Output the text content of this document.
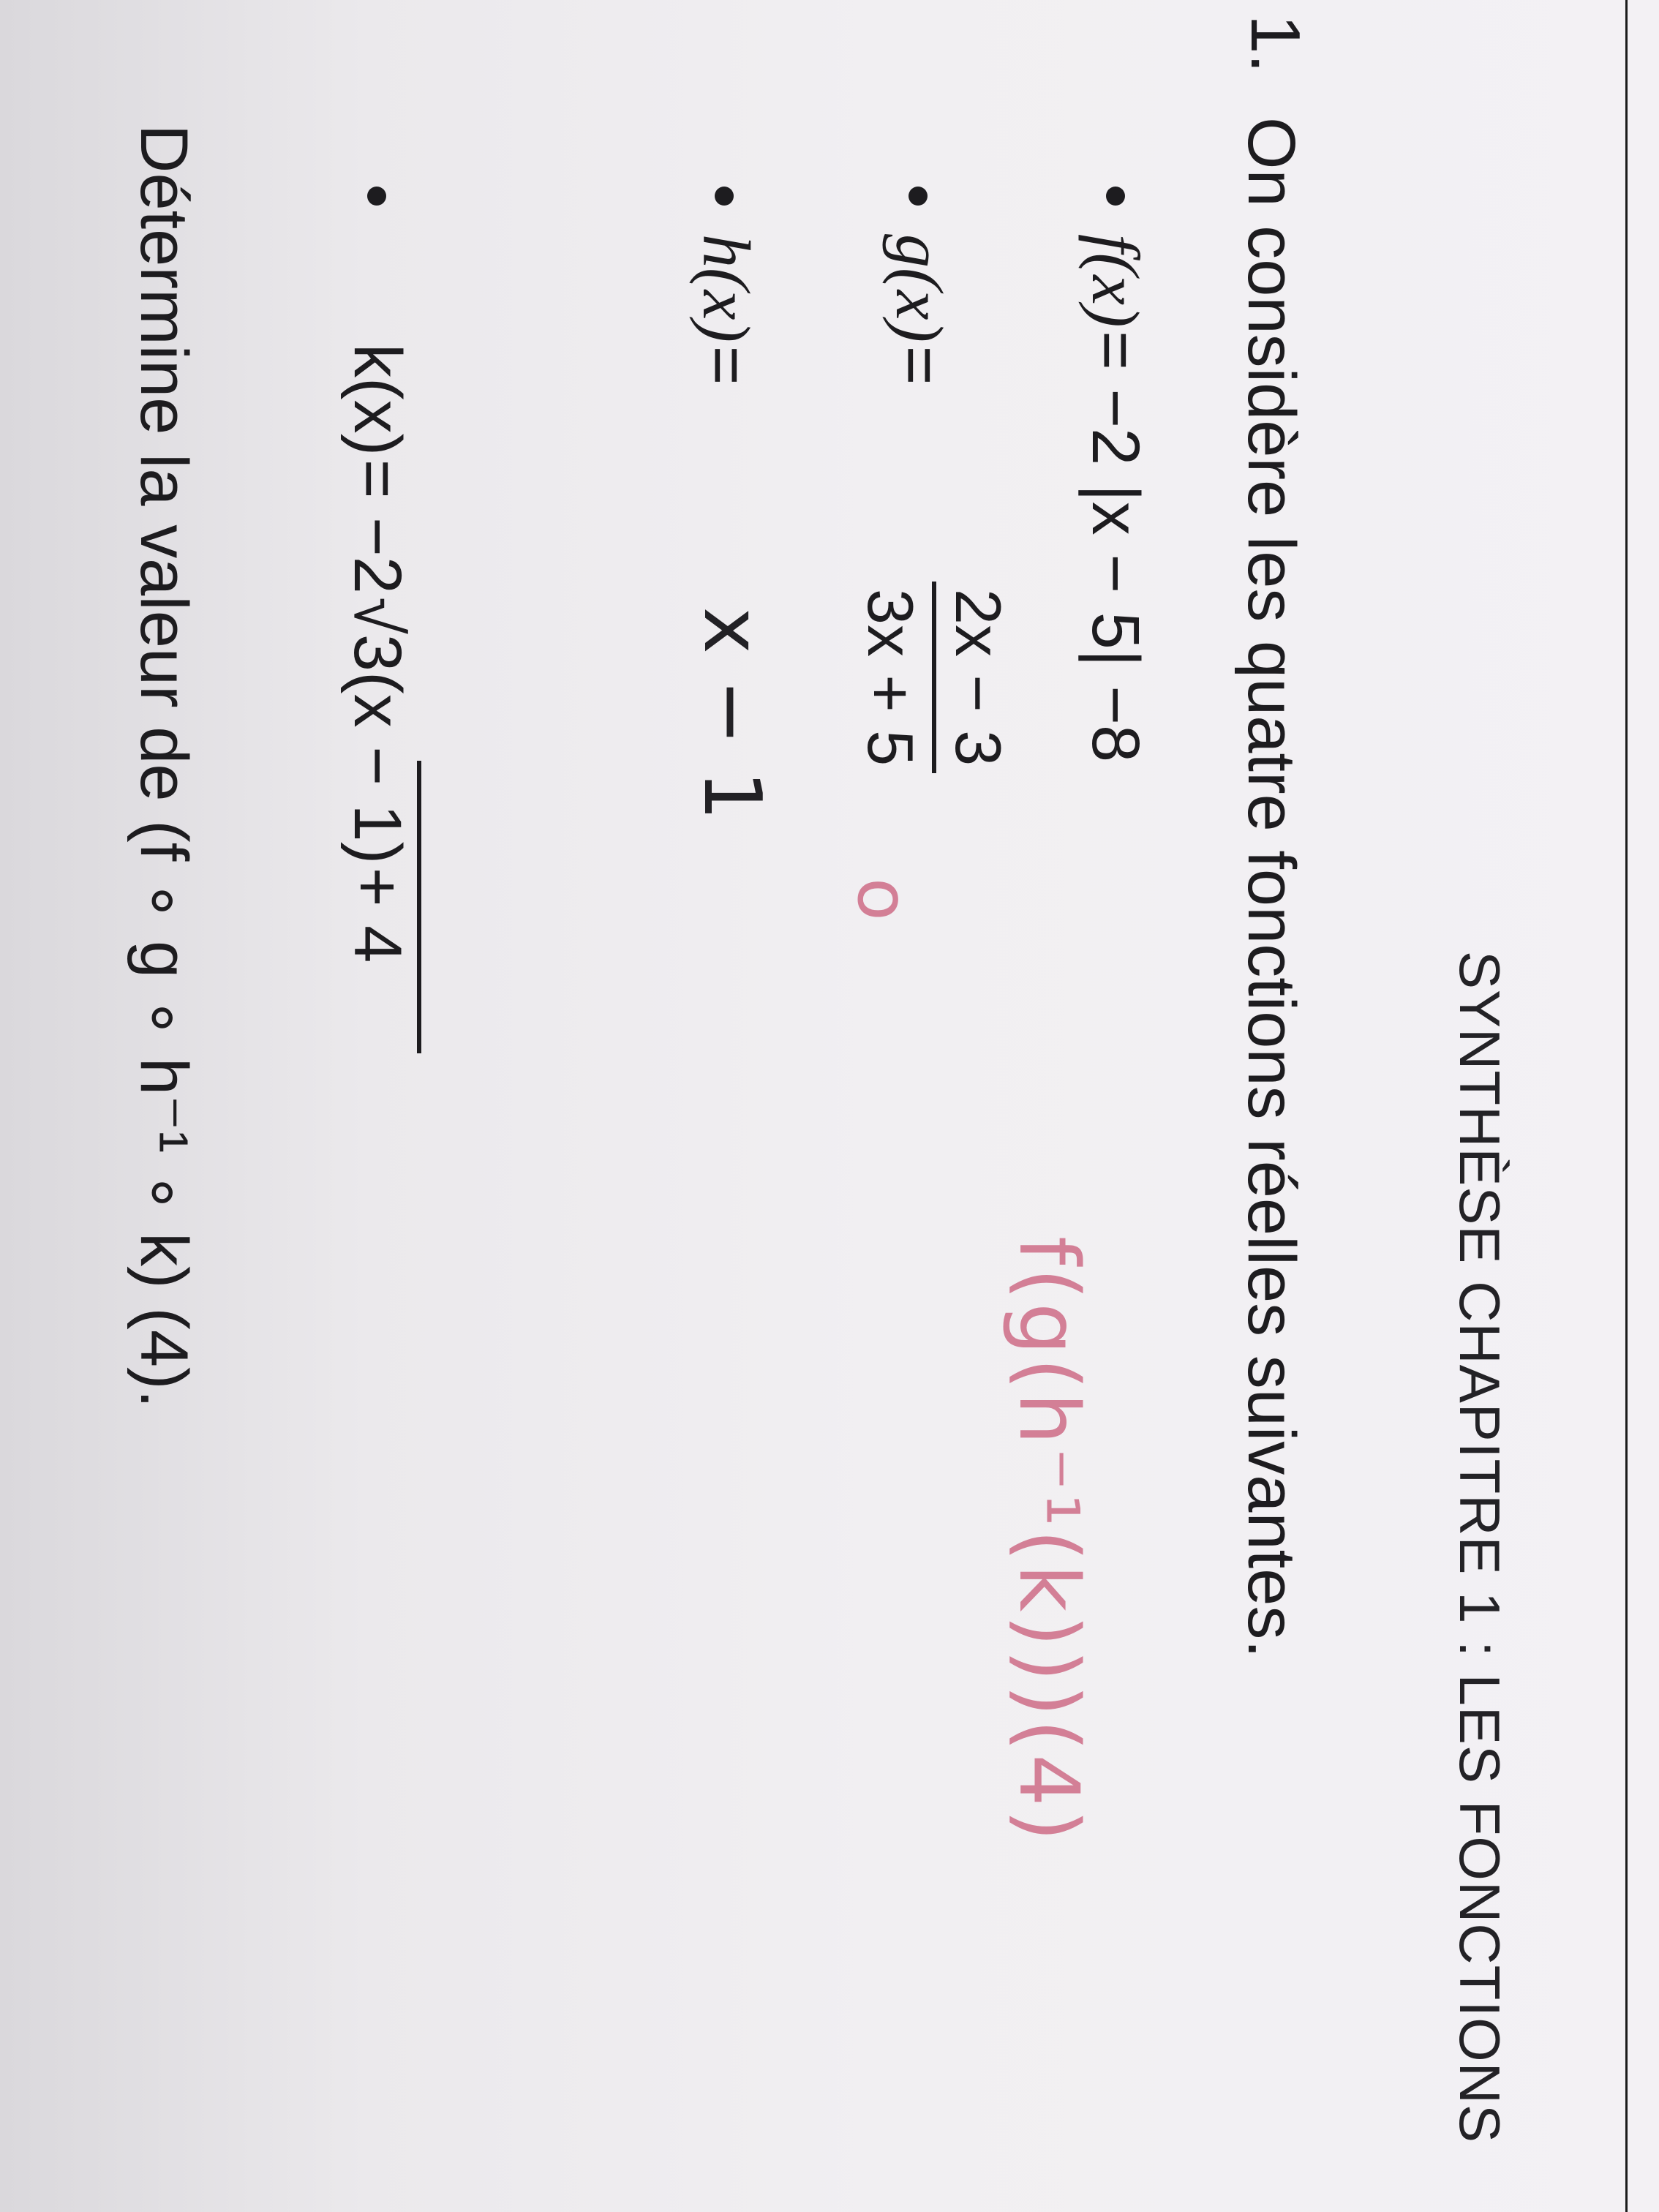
SYNTHÈSE CHAPITRE 1 : LES FONCTIONS
1.
On considère les quatre fonctions réelles suivantes.
f(x) = −2 |x − 5| −8
f(g(h⁻¹(k)))(4)
g(x) =
2x − 3
3x + 5
o
h(x) =
x − 1
k(x) = −2 √3(x − 1) + 4
Détermine la valeur de (f ∘ g ∘ h⁻¹ ∘ k) (4).
